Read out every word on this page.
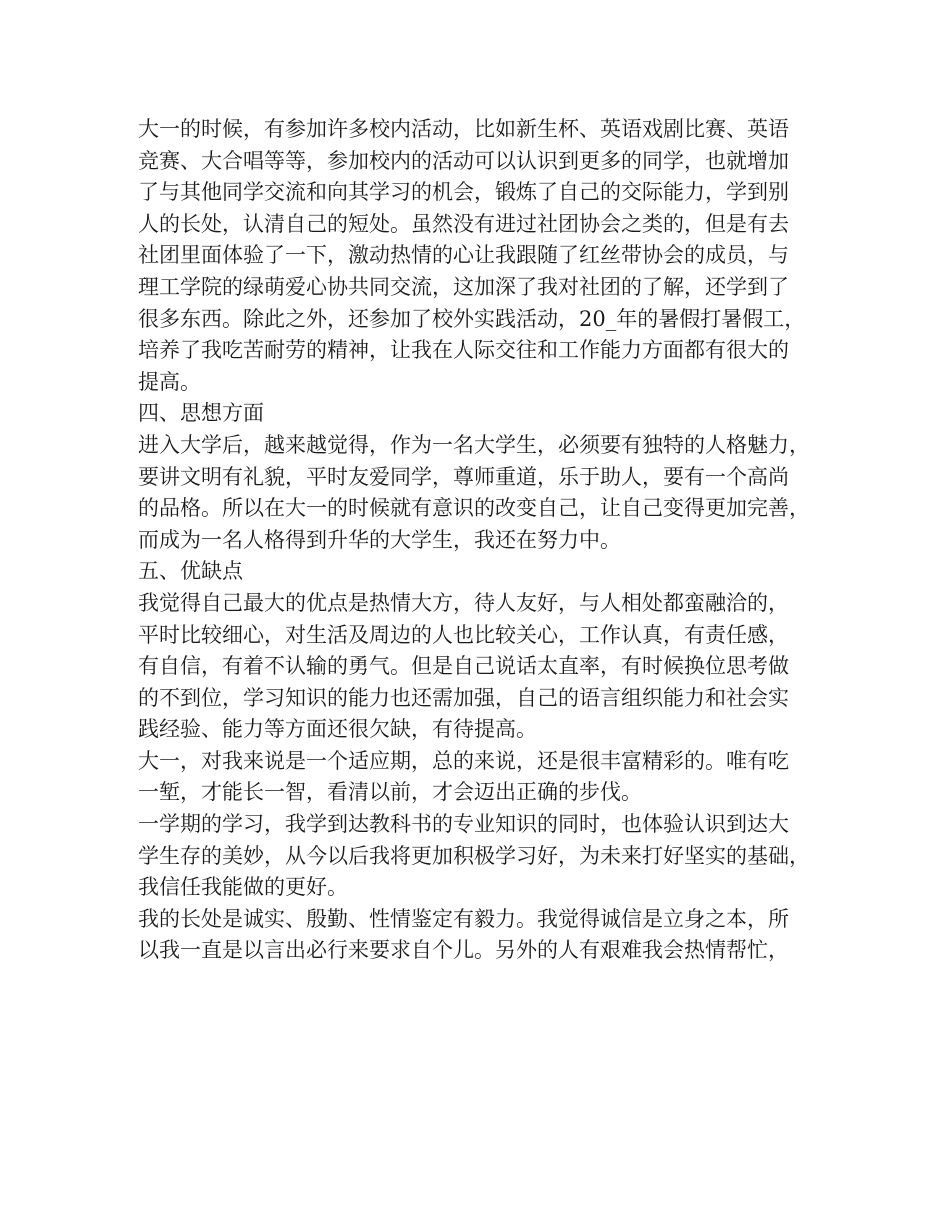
大一的时候，有参加许多校内活动，比如新生杯、英语戏剧比赛、英语
竞赛、大合唱等等，参加校内的活动可以认识到更多的同学，也就增加
了与其他同学交流和向其学习的机会，锻炼了自己的交际能力，学到别
人的长处，认清自己的短处。虽然没有进过社团协会之类的，但是有去
社团里面体验了一下，激动热情的心让我跟随了红丝带协会的成员，与
理工学院的绿萌爱心协共同交流，这加深了我对社团的了解，还学到了
很多东西。除此之外，还参加了校外实践活动，20_年的暑假打暑假工，
培养了我吃苦耐劳的精神，让我在人际交往和工作能力方面都有很大的
提高。
四、思想方面
进入大学后，越来越觉得，作为一名大学生，必须要有独特的人格魅力，
要讲文明有礼貌，平时友爱同学，尊师重道，乐于助人，要有一个高尚
的品格。所以在大一的时候就有意识的改变自己，让自己变得更加完善，
而成为一名人格得到升华的大学生，我还在努力中。
五、优缺点
我觉得自己最大的优点是热情大方，待人友好，与人相处都蛮融洽的，
平时比较细心，对生活及周边的人也比较关心，工作认真，有责任感，
有自信，有着不认输的勇气。但是自己说话太直率，有时候换位思考做
的不到位，学习知识的能力也还需加强，自己的语言组织能力和社会实
践经验、能力等方面还很欠缺，有待提高。
大一，对我来说是一个适应期，总的来说，还是很丰富精彩的。唯有吃
一堑，才能长一智，看清以前，才会迈出正确的步伐。
一学期的学习，我学到达教科书的专业知识的同时，也体验认识到达大
学生存的美妙，从今以后我将更加积极学习好，为未来打好坚实的基础，
我信任我能做的更好。
我的长处是诚实、殷勤、性情鉴定有毅力。我觉得诚信是立身之本，所
以我一直是以言出必行来要求自个儿。另外的人有艰难我会热情帮忙，
